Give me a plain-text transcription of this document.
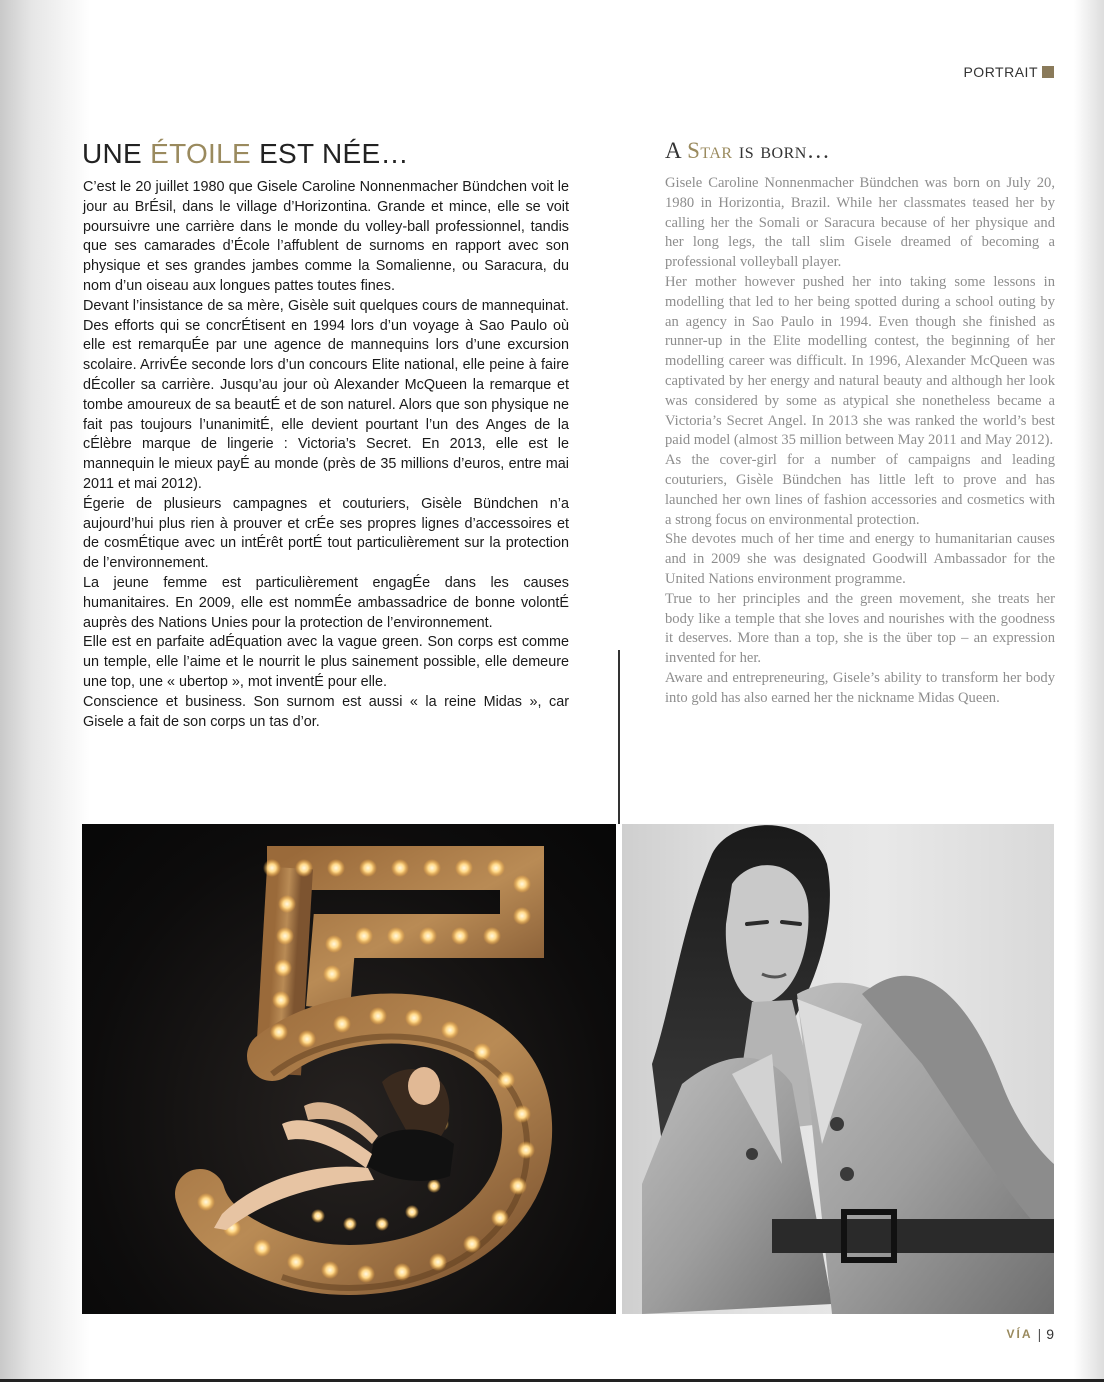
PORTRAIT
UNE ÉTOILE EST NÉE…

C’est le 20 juillet 1980 que Gisele Caroline Nonnenmacher Bündchen voit le jour au BrÉsil, dans le village d’Horizontina. Grande et mince, elle se voit poursuivre une carrière dans le monde du volley-ball professionnel, tandis que ses camarades d’École l’affublent de surnoms en rapport avec son physique et ses grandes jambes comme la Somalienne, ou Saracura, du nom d’un oiseau aux longues pattes toutes fines.

Devant l’insistance de sa mère, Gisèle suit quelques cours de mannequinat. Des efforts qui se concrÉtisent en 1994 lors d’un voyage à Sao Paulo où elle est remarquÉe par une agence de mannequins lors d’une excursion scolaire. ArrivÉe seconde lors d’un concours Elite national, elle peine à faire dÉcoller sa carrière. Jusqu’au jour où Alexander McQueen la remarque et tombe amoureux de sa beautÉ et de son naturel. Alors que son physique ne fait pas toujours l’unanimitÉ, elle devient pourtant l’un des Anges de la cÉlèbre marque de lingerie : Victoria’s Secret. En 2013, elle est le mannequin le mieux payÉ au monde (près de 35 millions d’euros, entre mai 2011 et mai 2012).

Égerie de plusieurs campagnes et couturiers, Gisèle Bündchen n’a aujourd’hui plus rien à prouver et crÉe ses propres lignes d’accessoires et de cosmÉtique avec un intÉrêt portÉ tout particulièrement sur la protection de l’environnement.

La jeune femme est particulièrement engagÉe dans les causes humanitaires. En 2009, elle est nommÉe ambassadrice de bonne volontÉ auprès des Nations Unies pour la protection de l’environnement.

Elle est en parfaite adÉquation avec la vague green. Son corps est comme un temple, elle l’aime et le nourrit le plus sainement possible, elle demeure une top, une « ubertop », mot inventÉ pour elle.

Conscience et business. Son surnom est aussi « la reine Midas », car Gisele a fait de son corps un tas d’or.

A Star is born…

Gisele Caroline Nonnenmacher Bündchen was born on July 20, 1980 in Horizontia, Brazil. While her classmates teased her by calling her the Somali or Saracura because of her physique and her long legs, the tall slim Gisele dreamed of becoming a professional volleyball player.

Her mother however pushed her into taking some lessons in modelling that led to her being spotted during a school outing by an agency in Sao Paulo in 1994. Even though she finished as runner-up in the Elite modelling contest, the beginning of her modelling career was difficult. In 1996, Alexander McQueen was captivated by her energy and natural beauty and although her look was considered by some as atypical she nonetheless became a Victoria’s Secret Angel. In 2013 she was ranked the world’s best paid model (almost 35 million between May 2011 and May 2012).

As the cover-girl for a number of campaigns and leading couturiers, Gisèle Bündchen has little left to prove and has launched her own lines of fashion accessories and cosmetics with a strong focus on environmental protection.

She devotes much of her time and energy to humanitarian causes and in 2009 she was designated Goodwill Ambassador for the United Nations environment programme.

True to her principles and the green movement, she treats her body like a temple that she loves and nourishes with the goodness it deserves. More than a top, she is the über top – an expression invented for her.

Aware and entrepreneuring, Gisele’s ability to transform her body into gold has also earned her the nickname Midas Queen.

VÍA | 9
